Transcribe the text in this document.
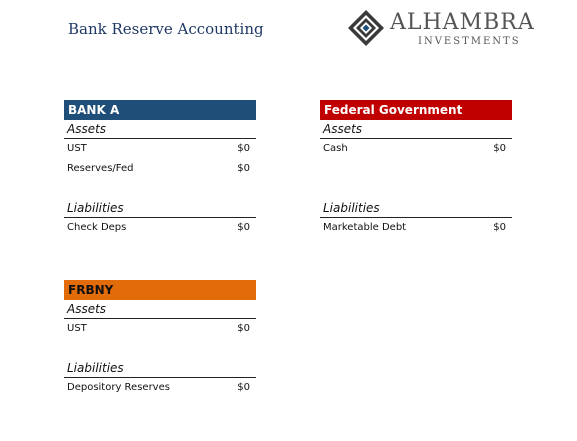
Bank Reserve Accounting	ALHAMBRA
INVESTMENTS
BANK A
Assets
UST	$0
Reserves/Fed	$0
Liabilities
Check Deps	$0
Federal Government
Assets
Cash	$0
Liabilities
Marketable Debt	$0
FRBNY
Assets
UST	$0
Liabilities
Depository Reserves	$0
